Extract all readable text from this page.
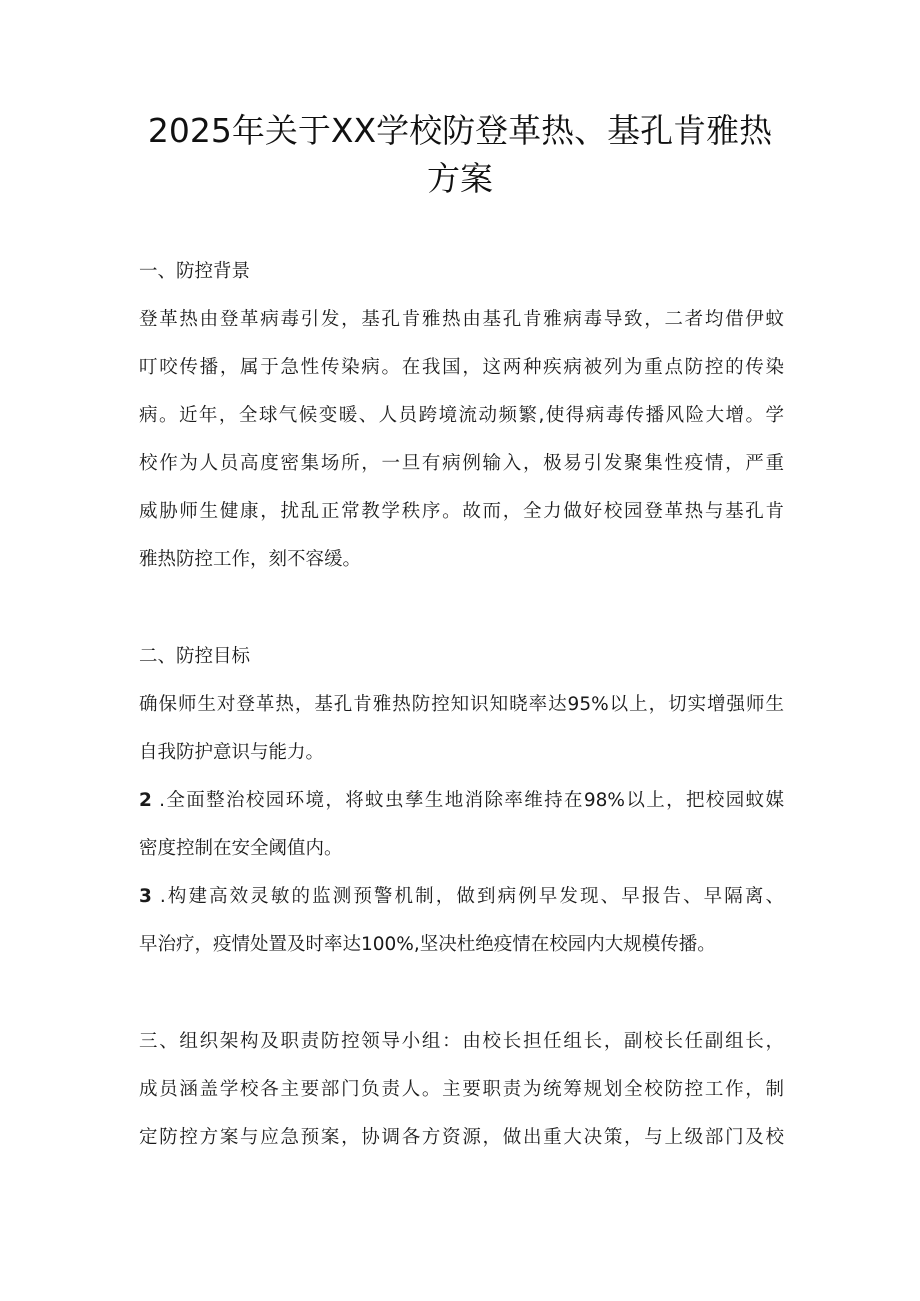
2025年关于XX学校防登革热、基孔肯雅热
方案

一、防控背景

登革热由登革病毒引发，基孔肯雅热由基孔肯雅病毒导致，二者均借伊蚊

叮咬传播，属于急性传染病。在我国，这两种疾病被列为重点防控的传染

病。近年，全球气候变暖、人员跨境流动频繁,使得病毒传播风险大增。学

校作为人员高度密集场所，一旦有病例输入，极易引发聚集性疫情，严重

威胁师生健康，扰乱正常教学秩序。故而，全力做好校园登革热与基孔肯

雅热防控工作，刻不容缓。

二、防控目标

确保师生对登革热，基孔肯雅热防控知识知晓率达95%以上，切实增强师生

自我防护意识与能力。

2 .全面整治校园环境，将蚊虫孳生地消除率维持在98%以上，把校园蚊媒

密度控制在安全阈值内。

3 .构建高效灵敏的监测预警机制，做到病例早发现、早报告、早隔离、

早治疗，疫情处置及时率达100%,坚决杜绝疫情在校园内大规模传播。

三、组织架构及职责防控领导小组：由校长担任组长，副校长任副组长，

成员涵盖学校各主要部门负责人。主要职责为统筹规划全校防控工作，制

定防控方案与应急预案，协调各方资源，做出重大决策，与上级部门及校
